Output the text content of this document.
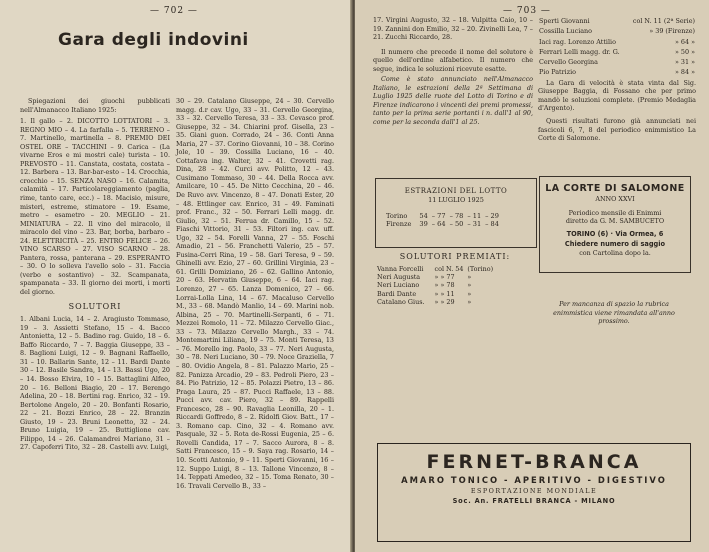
— 702 —
Gara degli indovini

Spiegazioni dei giuochi pubblicati nell'Almanacco Italiano 1925:

1. Il gallo – 2. DICOTTO LOTTATORI – 3. REGNO MIO – 4. La farfalla – 5. TERRENO – 7. Martinello, martinella – 8. PREMIO DEI OSTEL ORE – TACCHINI – 9. Carica – (La vivarne Eros e mi mostri cale) turista – 10. PREVOSTO – 11. Canstata, costata, costata – 12. Barbera – 13. Bar-bar-esto – 14. Crocchia, crocchio – 15. SENZA NASO – 16. Calamita, calamità – 17. Particolareggiamento (paglia, rime, tanto care, ecc.) – 18. Macisio, misure, misteri, estreme, stimatore – 19. Esame, metro – esametro – 20. MEGLIO – 21. MINIATURA – 22. Il vino del miracolo, il miracolo del vino – 23. Bar, borba, barbaro – 24. ELETTRICITÀ – 25. ENTRO FELICE – 26. VINO SCARSO – 27. VISO SCARNO – 28. Pantera, rossa, panterana – 29. ESPERANTO – 30. O lo solleva l'avello solo – 31. Faccia (verbo e sostantivo) – 32. Scampanata, spampanata – 33. Il giorno dei morti, i morti del giorno.

SOLUTORI

1. Albani Lucia, 14 – 2. Aragiusto Tommaso, 19 – 3. Assietti Stefano, 15 – 4. Bacco Antonietta, 12 – 5. Badino rag. Guido, 18 – 6. Baffo Riccardo, 7 – 7. Baggia Giuseppe, 33 – 8. Baglioni Luigi, 12 – 9. Bagnani Raffaello, 31 – 10. Ballarin Sante, 12 – 11. Bardi Dante 30 – 12. Basile Sandra, 14 – 13. Bassi Ugo, 20 – 14. Bosso Elvira, 10 – 15. Battaglini Alfeo, 20 – 16. Belloni Biagio, 20 – 17. Berengo Adelina, 20 – 18. Bertini rag. Enrico, 32 – 19. Bertolone Angelo, 20 – 20. Bonfanti Rosario, 22 – 21. Bozzi Enrico, 28 – 22. Branzin Giusto, 19 – 23. Bruni Leonetto, 32 – 24. Bruno Luigia, 19 – 25. Buttiglione cav. Filippo, 14 – 26. Calamandrei Mariano, 31 – 27. Capoferri Tito, 32 – 28. Castelli avv. Luigi,

30 – 29. Catalano Giuseppe, 24 – 30. Cervello magg. d.r cav. Ugo, 33 – 31. Cervello Georgina, 33 – 32. Cervello Teresa, 33 – 33. Cevasco prof. Giuseppe, 32 – 34. Chiarini prof. Gisella, 23 – 35. Giani guon. Corrado, 24 – 36. Conti Anna Maria, 27 – 37. Corino Giovanni, 10 – 38. Corino Jole, 10 – 39. Cossilla Luciano, 16 – 40. Cottafava ing. Walter, 32 – 41. Crovetti rag. Dina, 28 – 42. Curci avv. Politto, 12 – 43. Cusimano Tommaso, 30 – 44. Della Rocca avv. Amilcare, 10 – 45. De Nitto Cecchina, 20 – 46. De Ruvo avv. Vincenzo, 8 – 47. Donati Ester, 20 – 48. Ettlinger cav. Enrico, 31 – 49. Faminati prof. Franc., 32 – 50. Ferrari Lelli magg. dr. Giulio, 32 – 51. Ferrua dr. Camillo, 15 – 52. Fiaschi Vittorio, 31 – 53. Filtori ing. cav. uff. Ugo, 32 – 54. Forelli Vanna, 27 – 55. Foschi Amadio, 21 – 56. Franchetti Valerio, 25 – 57. Fusina-Cerri Rina, 19 – 58. Gari Teresa, 9 – 59. Ghinelli avv. Ezio, 27 – 60. Grillini Virginia, 23 – 61. Grilli Domiziano, 26 – 62. Gallino Antonio, 20 – 63. Hervatin Giuseppe, 6 – 64. Iaci rag. Lorenzo, 27 – 65. Lanza Domenico, 27 – 66. Lorrai-Lolla Lina, 14 – 67. Macaluso Cervello M., 33 – 68. Mandò Manlio, 14 – 69. Marini nob. Albina, 25 – 70. Martinelli-Serpanti, 6 – 71. Mezzei Romolo, 11 – 72. Milazzo Cervello Giac., 33 – 73. Milazzo Cervello Margh., 33 – 74. Montemartini Liliana, 19 – 75. Monti Teresa, 13 – 76. Morello ing. Paolo, 33 – 77. Neri Augusta, 30 – 78. Neri Luciano, 30 – 79. Noce Graziella, 7 – 80. Ovidio Angela, 8 – 81. Palazzo Mario, 25 – 82. Panizza Arcadio, 29 – 83. Pedroli Piero, 23 – 84. Pio Patrizio, 12 – 85. Polazzi Pietro, 13 – 86. Praga Laura, 25 – 87. Pucci Raffaele, 13 – 88. Pucci avv. cav. Piero, 32 – 89. Rappelli Francesco, 28 – 90. Ravaglia Leonilla, 20 – 1. Riccardi Goffredo, 8 – 2. Ridolfi Giov. Batt., 17 – 3. Romano cap. Cino, 32 – 4. Romano avv. Pasquale, 32 – 5. Rota de-Rossi Eugenia, 25 – 6. Rovelli Candida, 17 – 7. Sacco Aurora, 8 – 8. Satti Francesco, 15 – 9. Saya rag. Rosario, 14 – 10. Scotti Antonio, 9 – 11. Sperti Giovanni, 16 – 12. Suppo Luigi, 8 – 13. Tallone Vincenzo, 8 – 14. Teppati Amedeo, 32 – 15. Toma Renato, 30 – 16. Travali Cervello B., 33 –

— 703 —

17. Virgini Augusto, 32 – 18. Vulpitta Caio, 10 – 19. Zannini don Emilio, 32 – 20. Zivinelli Lea, 7 – 21. Zucchi Riccardo, 28.

Il numero che precede il nome del solutore è quello dell'ordine alfabetico. Il numero che segue, indica le soluzioni ricevute esatte.

Come è stato annunciato nell'Almanacco Italiano, le estrazioni della 2ª Settimana di Luglio 1925 delle ruote del Lotto di Torino e di Firenze indicarono i vincenti dei premi promessi, tanto per la prima serie portanti i n. dall'1 al 90, come per la seconda dall'1 al 25.

Sperti Giovanni	col N. 11 (2ª Serie)
Cossilla Luciano	» 39 (Firenze)
Iaci rag. Lorenzo Attilio	» 64 »
Ferrari Lelli magg. dr. G.	» 50 »
Cervello Georgina	» 31 »
Pio Patrizio	» 84 »

La Gara di velocità è stata vinta dal Sig. Giuseppe Baggia, di Fossano che per primo mandò le soluzioni complete. (Premio Medaglia d'Argento).

Questi risultati furono già annunciati nei fascicoli 6, 7, 8 del periodico enimmistico La Corte di Salomone.

ESTRAZIONI DEL LOTTO
11 LUGLIO 1925
Torino	54	– 77	– 78	– 11	– 29
Firenze	39	– 64	– 50	– 31	– 84
SOLUTORI PREMIATI:
Vanna Forcelli	col N. 54	(Torino)
Neri Augusta	» » 77	»
Neri Luciano	» » 78	»
Bardi Dante	» » 11	»
Catalano Gius.	» » 29	»
LA CORTE DI SALOMONE
ANNO XXVI
Periodico mensile di Enimmi
diretto da G. M. SAMBUCETO
TORINO (6) · Via Ormea, 6
Chiedere numero di saggio
con Cartolina dopo la.
Per mancanza di spazio la rubrica enimmistica viene rimandata all'anno prossimo.
FERNET-BRANCA
AMARO TONICO - APERITIVO - DIGESTIVO
ESPORTAZIONE MONDIALE
Soc. An. FRATELLI BRANCA - MILANO
